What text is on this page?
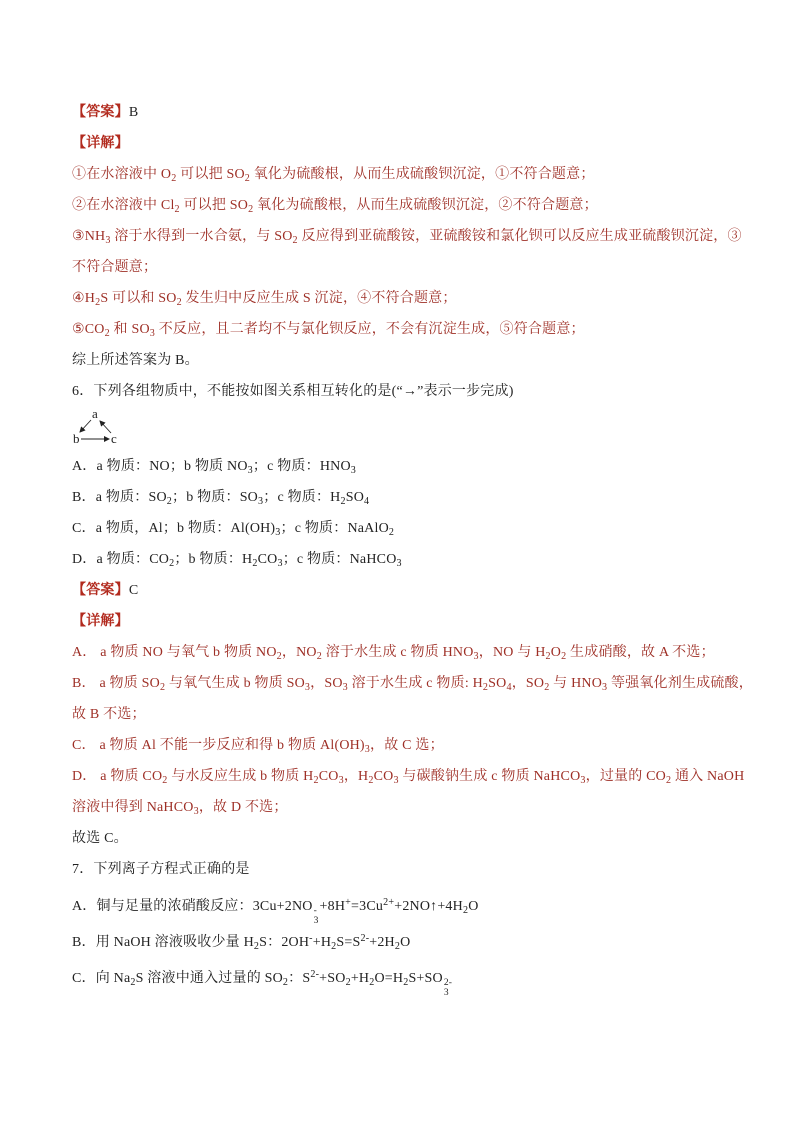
【答案】B
【详解】
①在水溶液中 $O_2$ 可以把 $SO_2$ 氧化为硫酸根，从而生成硫酸钡沉淀，①不符合题意；
②在水溶液中 $Cl_2$ 可以把 $SO_2$ 氧化为硫酸根，从而生成硫酸钡沉淀，②不符合题意；
$③NH_3$ 溶于水得到一水合氨，与 $SO_2$ 反应得到亚硫酸铵，亚硫酸铵和氯化钡可以反应生成亚硫酸钡沉淀，③
不符合题意；
$④H_2S$ 可以和 $SO_2$ 发生归中反应生成 S 沉淀，④不符合题意；
$⑤CO_2$ 和 $SO_3$ 不反应，且二者均不与氯化钡反应，不会有沉淀生成，⑤符合题意；
综上所述答案为 B。
6．下列各组物质中，不能按如图关系相互转化的是(“→”表示一步完成)
a
b c
A．a 物质：NO；b 物质 $NO_3$；c 物质：$HNO_3$
B．a 物质：$SO_2$；b 物质：$SO_3$；c 物质：$H_2SO_4$
C．a 物质，Al；b 物质：$Al(OH)_3$；c 物质：NaAlO$_2$
D．a 物质：$CO_2$；b 物质：$H_2CO_3$；c 物质：NaHCO$_3$
【答案】C
【详解】
A． a 物质 NO 与氧气 b 物质 $NO_2$，$NO_2$ 溶于水生成 c 物质 $HNO_3$，NO 与 $H_2O_2$ 生成硝酸，故 A 不选；
B． a 物质 $SO_2$ 与氧气生成 b 物质 $SO_3$，$SO_3$ 溶于水生成 c 物质: $H_2SO_4$，$SO_2$ 与 $HNO_3$ 等强氧化剂生成硫酸，
故 B 不选；
C． a 物质 Al 不能一步反应和得 b 物质 $Al(OH)_3$，故 C 选；
D． a 物质 $CO_2$ 与水反应生成 b 物质 $H_2CO_3$，$H_2CO_3$ 与碳酸钠生成 c 物质 NaHCO$_3$，过量的 $CO_2$ 通入 NaOH
溶液中得到 NaHCO$_3$，故 D 不选；
故选 C。
7．下列离子方程式正确的是
A．铜与足量的浓硝酸反应：3Cu+2NO -
3
$+8H^+=3Cu^{2+}+2NO↑+4H_2O$
B．用 NaOH 溶液吸收少量 $H_2S$：$2OH^-+H_2S=S^{2-}+2H_2O$
C．向 $Na_2S$ 溶液中通入过量的 $SO_2$：$S^{2-}+SO_2+H_2O=H_2S+SO$ 2-
3
